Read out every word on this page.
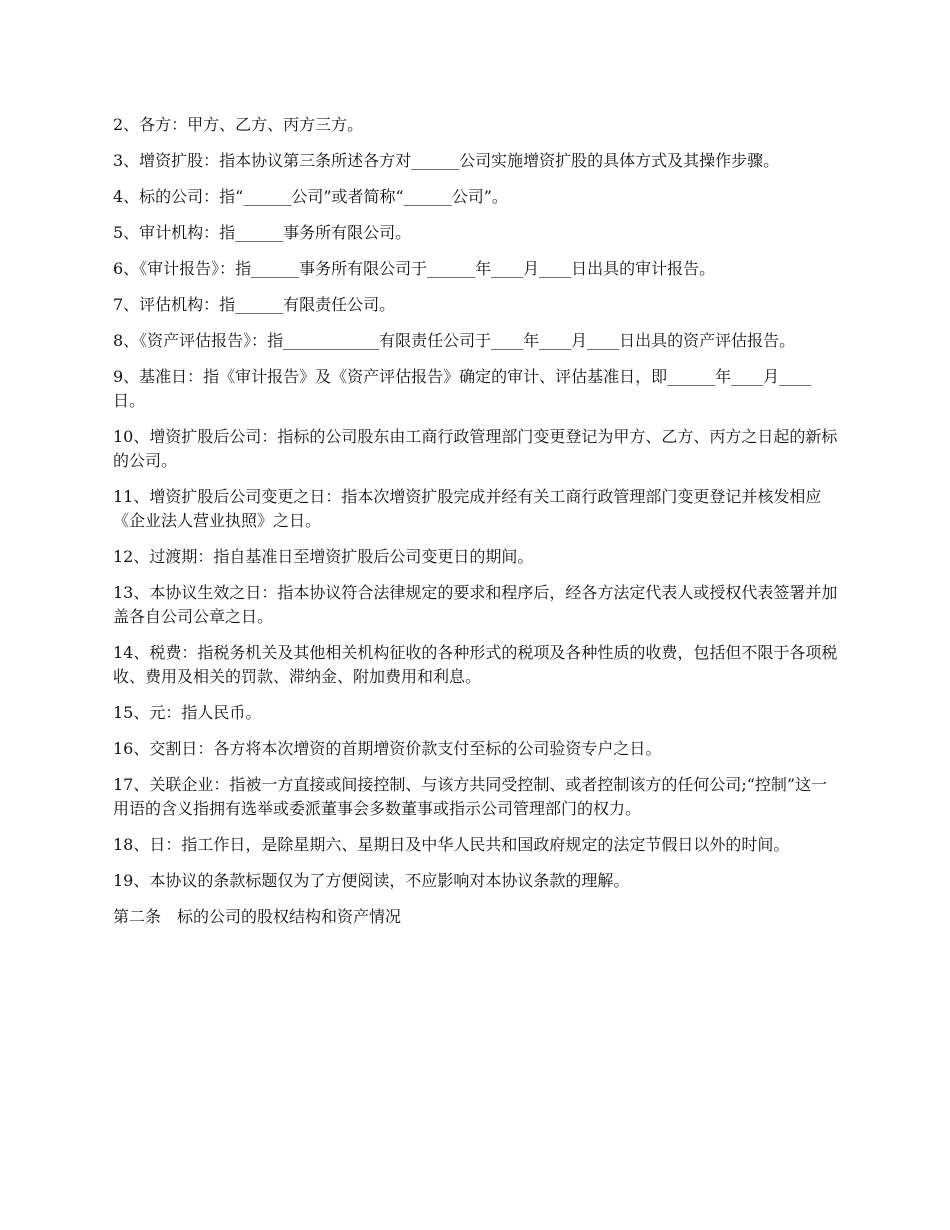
2、各方：甲方、乙方、丙方三方。

3、增资扩股：指本协议第三条所述各方对______公司实施增资扩股的具体方式及其操作步骤。

4、标的公司：指“______公司”或者简称“______公司”。

5、审计机构：指______事务所有限公司。

6、《审计报告》：指______事务所有限公司于______年____月____日出具的审计报告。

7、评估机构：指______有限责任公司。

8、《资产评估报告》：指____________有限责任公司于____年____月____日出具的资产评估报告。

9、基准日：指《审计报告》及《资产评估报告》确定的审计、评估基准日，即______年____月____日。

10、增资扩股后公司：指标的公司股东由工商行政管理部门变更登记为甲方、乙方、丙方之日起的新标的公司。

11、增资扩股后公司变更之日：指本次增资扩股完成并经有关工商行政管理部门变更登记并核发相应《企业法人营业执照》之日。

12、过渡期：指自基准日至增资扩股后公司变更日的期间。

13、本协议生效之日：指本协议符合法律规定的要求和程序后，经各方法定代表人或授权代表签署并加盖各自公司公章之日。

14、税费：指税务机关及其他相关机构征收的各种形式的税项及各种性质的收费，包括但不限于各项税收、费用及相关的罚款、滞纳金、附加费用和利息。

15、元：指人民币。

16、交割日：各方将本次增资的首期增资价款支付至标的公司验资专户之日。

17、关联企业：指被一方直接或间接控制、与该方共同受控制、或者控制该方的任何公司;“控制”这一用语的含义指拥有选举或委派董事会多数董事或指示公司管理部门的权力。

18、日：指工作日，是除星期六、星期日及中华人民共和国政府规定的法定节假日以外的时间。

19、本协议的条款标题仅为了方便阅读，不应影响对本协议条款的理解。

第二条　标的公司的股权结构和资产情况
